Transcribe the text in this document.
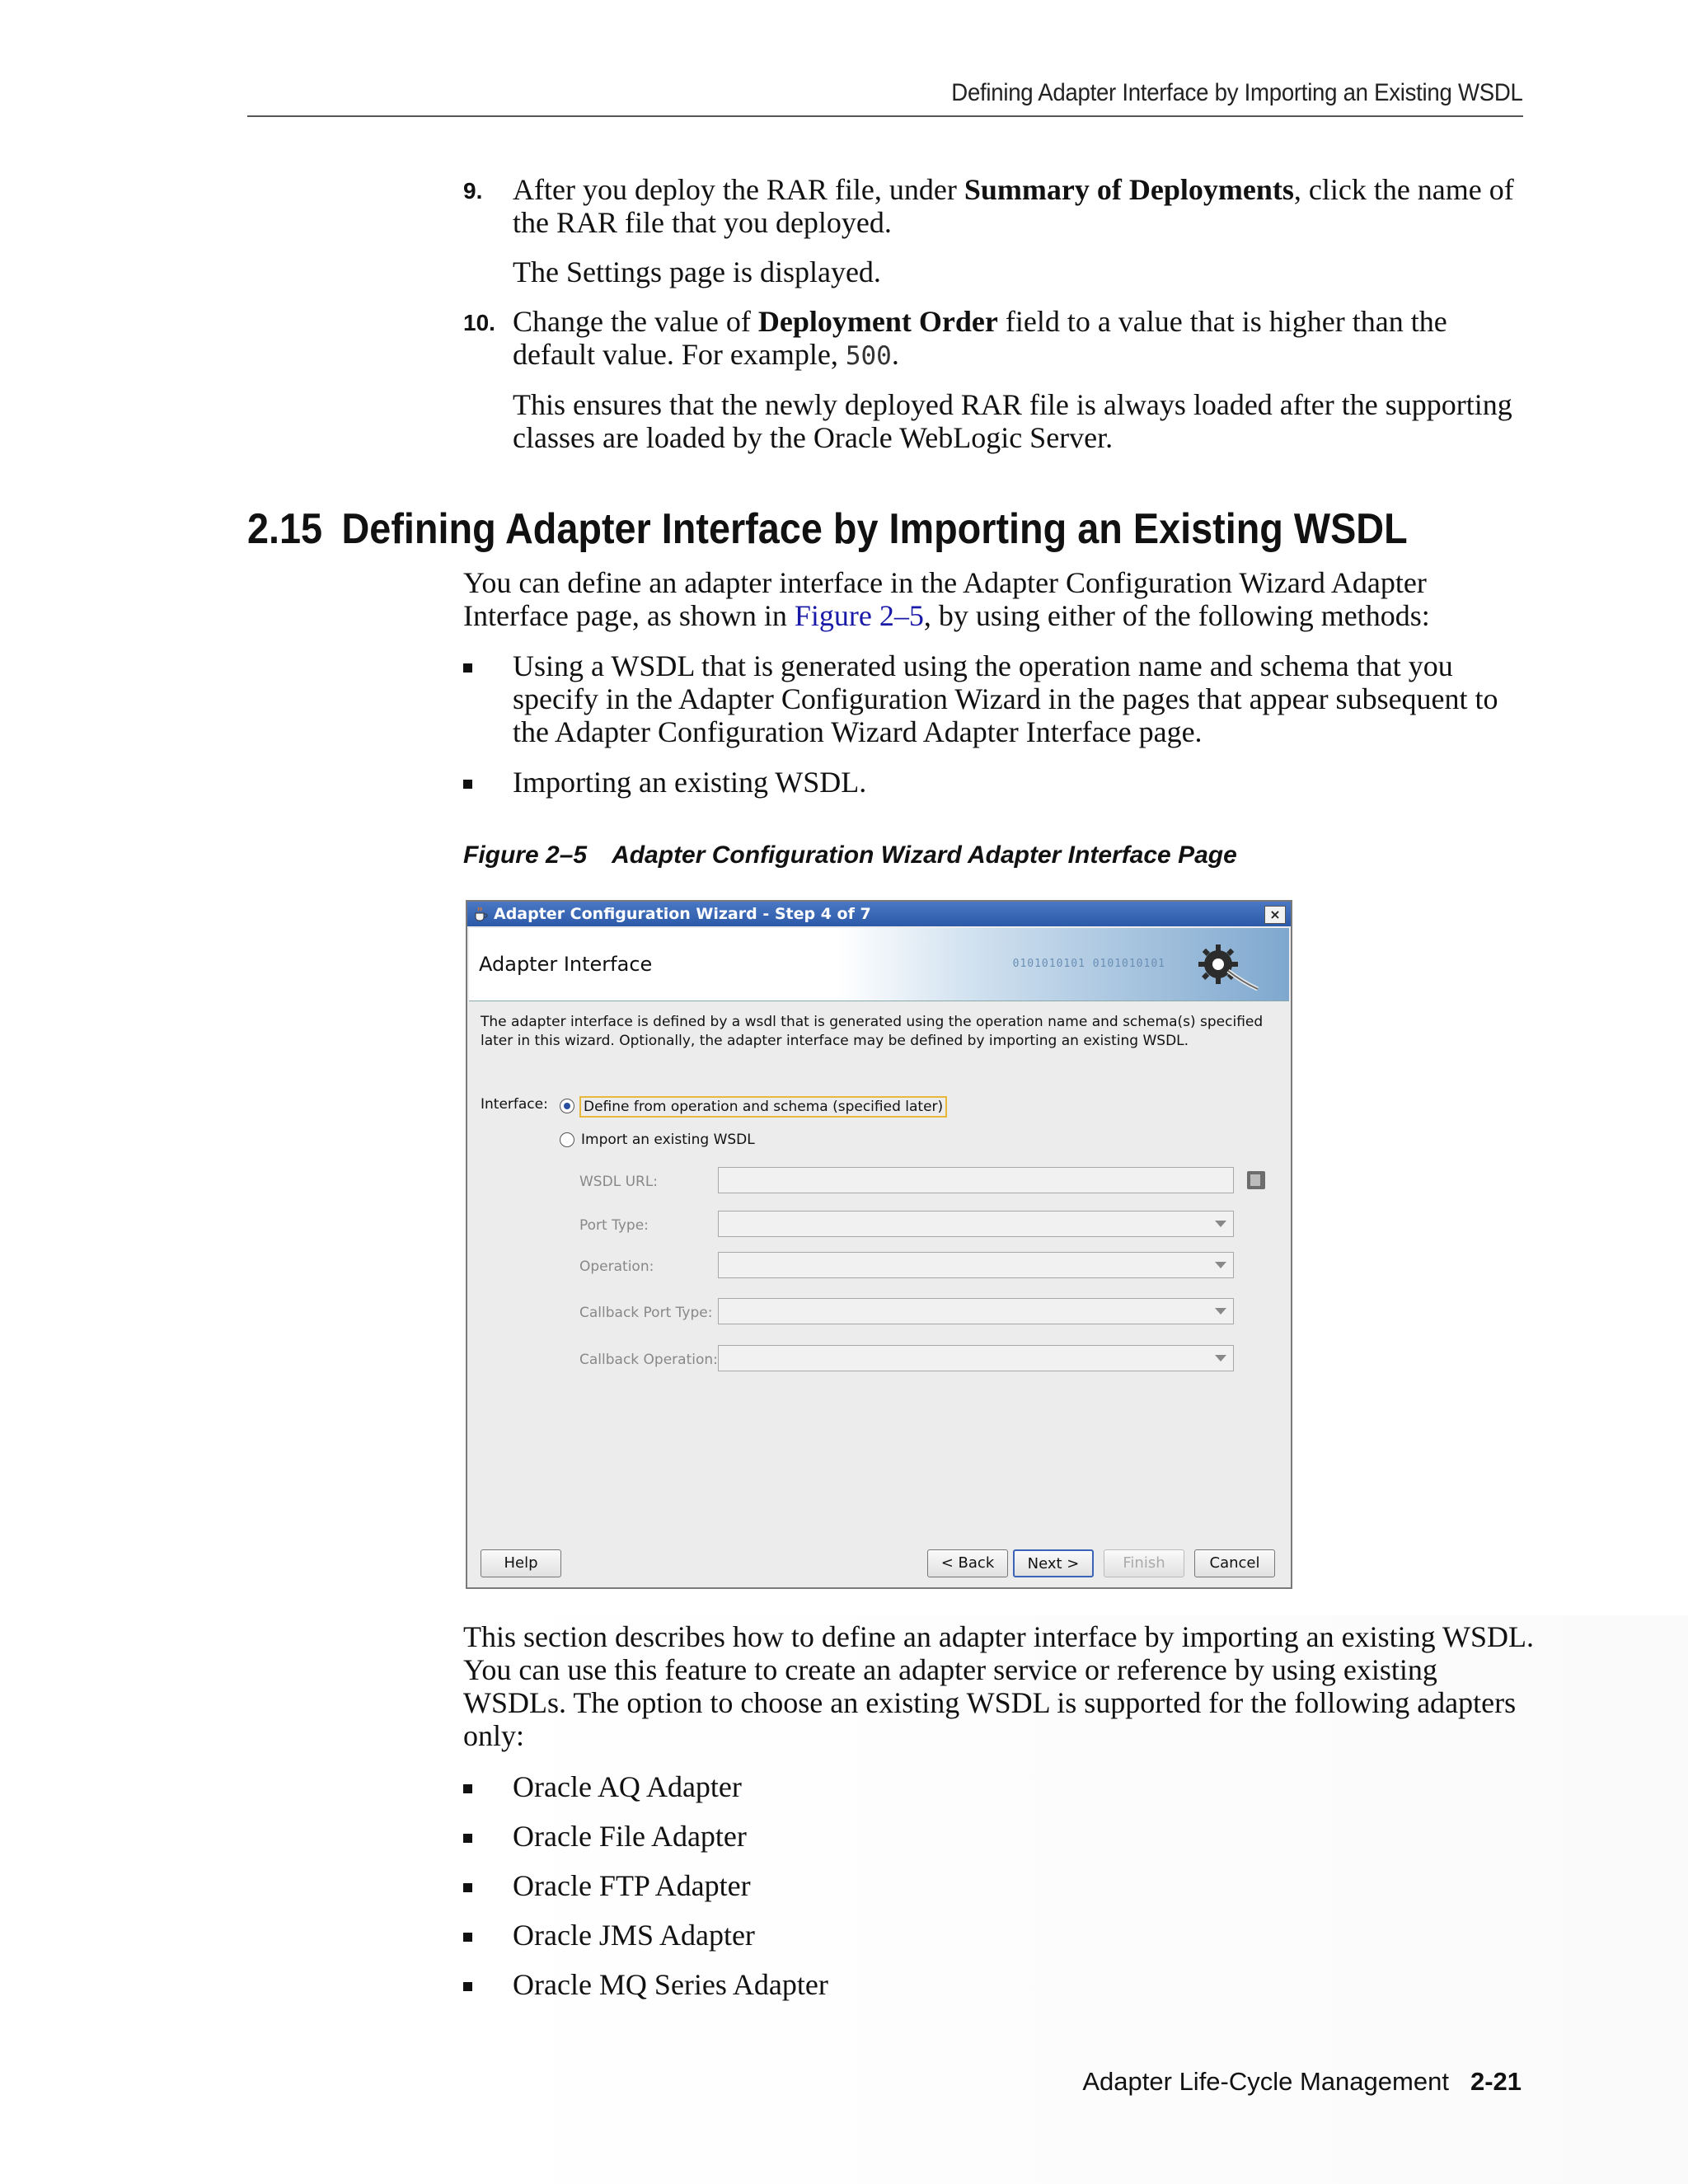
Defining Adapter Interface by Importing an Existing WSDL
9. After you deploy the RAR file, under Summary of Deployments, click the name of the RAR file that you deployed.
The Settings page is displayed.
10. Change the value of Deployment Order field to a value that is higher than the default value. For example, 500.
This ensures that the newly deployed RAR file is always loaded after the supporting classes are loaded by the Oracle WebLogic Server.
2.15 Defining Adapter Interface by Importing an Existing WSDL
You can define an adapter interface in the Adapter Configuration Wizard Adapter Interface page, as shown in Figure 2–5, by using either of the following methods:
Using a WSDL that is generated using the operation name and schema that you specify in the Adapter Configuration Wizard in the pages that appear subsequent to the Adapter Configuration Wizard Adapter Interface page.
Importing an existing WSDL.
Figure 2–5 Adapter Configuration Wizard Adapter Interface Page
Adapter Configuration Wizard - Step 4 of 7	×
Adapter Interface	0101010101 0101010101
The adapter interface is defined by a wsdl that is generated using the operation name and schema(s) specified later in this wizard. Optionally, the adapter interface may be defined by importing an existing WSDL.
Interface:	Define from operation and schema (specified later)
Import an existing WSDL
WSDL URL:
Port Type:
Operation:
Callback Port Type:
Callback Operation:
Help	< Back	Next >	Finish	Cancel
This section describes how to define an adapter interface by importing an existing WSDL. You can use this feature to create an adapter service or reference by using existing WSDLs. The option to choose an existing WSDL is supported for the following adapters only:
Oracle AQ Adapter
Oracle File Adapter
Oracle FTP Adapter
Oracle JMS Adapter
Oracle MQ Series Adapter
Adapter Life-Cycle Management 2-21
